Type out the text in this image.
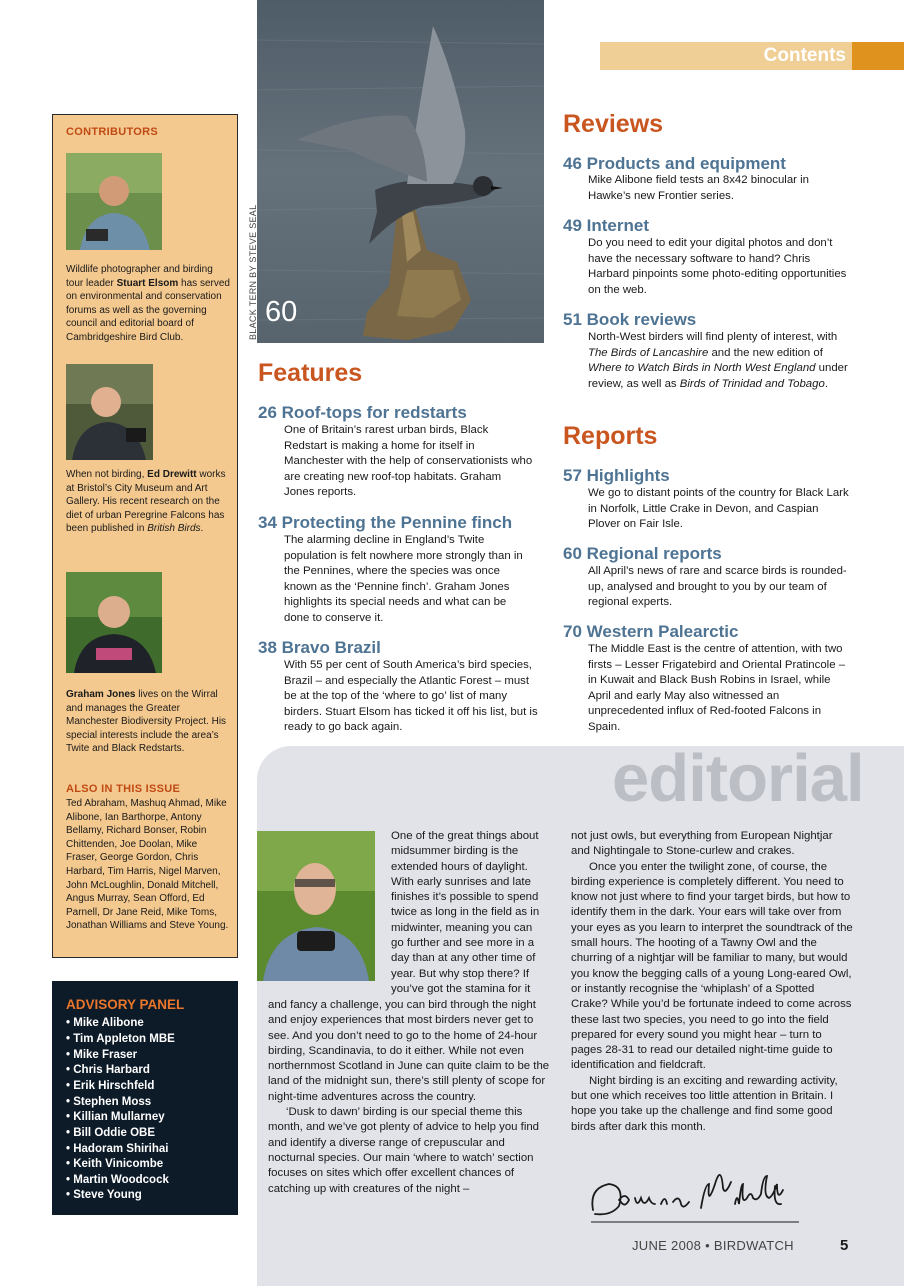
Contents
60
BLACK TERN BY STEVE SEAL
CONTRIBUTORS
Wildlife photographer and birding tour leader Stuart Elsom has served on environmental and conservation forums as well as the governing council and editorial board of Cambridgeshire Bird Club.
When not birding, Ed Drewitt works at Bristol’s City Museum and Art Gallery. His recent research on the diet of urban Peregrine Falcons has been published in British Birds.
Graham Jones lives on the Wirral and manages the Greater Manchester Biodiversity Project. His special interests include the area’s Twite and Black Redstarts.
ALSO IN THIS ISSUE
Ted Abraham, Mashuq Ahmad, Mike Alibone, Ian Barthorpe, Antony Bellamy, Richard Bonser, Robin Chittenden, Joe Doolan, Mike Fraser, George Gordon, Chris Harbard, Tim Harris, Nigel Marven, John McLoughlin, Donald Mitchell, Angus Murray, Sean Offord, Ed Parnell, Dr Jane Reid, Mike Toms, Jonathan Williams and Steve Young.
ADVISORY PANEL
• Mike Alibone
• Tim Appleton MBE
• Mike Fraser
• Chris Harbard
• Erik Hirschfeld
• Stephen Moss
• Killian Mullarney
• Bill Oddie OBE
• Hadoram Shirihai
• Keith Vinicombe
• Martin Woodcock
• Steve Young
Features
26 Roof-tops for redstarts
One of Britain’s rarest urban birds, Black Redstart is making a home for itself in Manchester with the help of conservationists who are creating new roof-top habitats. Graham Jones reports.
34 Protecting the Pennine finch
The alarming decline in England’s Twite population is felt nowhere more strongly than in the Pennines, where the species was once known as the ‘Pennine finch’. Graham Jones highlights its special needs and what can be done to conserve it.
38 Bravo Brazil
With 55 per cent of South America’s bird species, Brazil – and especially the Atlantic Forest – must be at the top of the ‘where to go’ list of many birders. Stuart Elsom has ticked it off his list, but is ready to go back again.
Reviews
46 Products and equipment
Mike Alibone field tests an 8x42 binocular in Hawke’s new Frontier series.
49 Internet
Do you need to edit your digital photos and don’t have the necessary software to hand? Chris Harbard pinpoints some photo-editing opportunities on the web.
51 Book reviews
North-West birders will find plenty of interest, with The Birds of Lancashire and the new edition of Where to Watch Birds in North West England under review, as well as Birds of Trinidad and Tobago.
Reports
57 Highlights
We go to distant points of the country for Black Lark in Norfolk, Little Crake in Devon, and Caspian Plover on Fair Isle.
60 Regional reports
All April’s news of rare and scarce birds is rounded-up, analysed and brought to you by our team of regional experts.
70 Western Palearctic
The Middle East is the centre of attention, with two firsts – Lesser Frigatebird and Oriental Pratincole – in Kuwait and Black Bush Robins in Israel, while April and early May also witnessed an unprecedented influx of Red-footed Falcons in Spain.
editorial
One of the great things about
midsummer birding is the
extended hours of daylight.
With early sunrises and late
finishes it’s possible to spend
twice as long in the field as in
midwinter, meaning you can
go further and see more in a
day than at any other time of
year. But why stop there? If
you’ve got the stamina for it
and fancy a challenge, you can bird through the night and enjoy experiences that most birders never get to see. And you don’t need to go to the home of 24-hour birding, Scandinavia, to do it either. While not even northernmost Scotland in June can quite claim to be the land of the midnight sun, there’s still plenty of scope for night-time adventures across the country.
‘Dusk to dawn’ birding is our special theme this month, and we’ve got plenty of advice to help you find and identify a diverse range of crepuscular and nocturnal species. Our main ‘where to watch’ section focuses on sites which offer excellent chances of catching up with creatures of the night –
not just owls, but everything from European Nightjar and Nightingale to Stone-curlew and crakes.
Once you enter the twilight zone, of course, the birding experience is completely different. You need to know not just where to find your target birds, but how to identify them in the dark. Your ears will take over from your eyes as you learn to interpret the soundtrack of the small hours. The hooting of a Tawny Owl and the churring of a nightjar will be familiar to many, but would you know the begging calls of a young Long-eared Owl, or instantly recognise the ‘whiplash’ of a Spotted Crake? While you’d be fortunate indeed to come across these last two species, you need to go into the field prepared for every sound you might hear – turn to pages 28-31 to read our detailed night-time guide to identification and fieldcraft.
Night birding is an exciting and rewarding activity, but one which receives too little attention in Britain. I hope you take up the challenge and find some good birds after dark this month.
JUNE 2008 • BIRDWATCH	5
